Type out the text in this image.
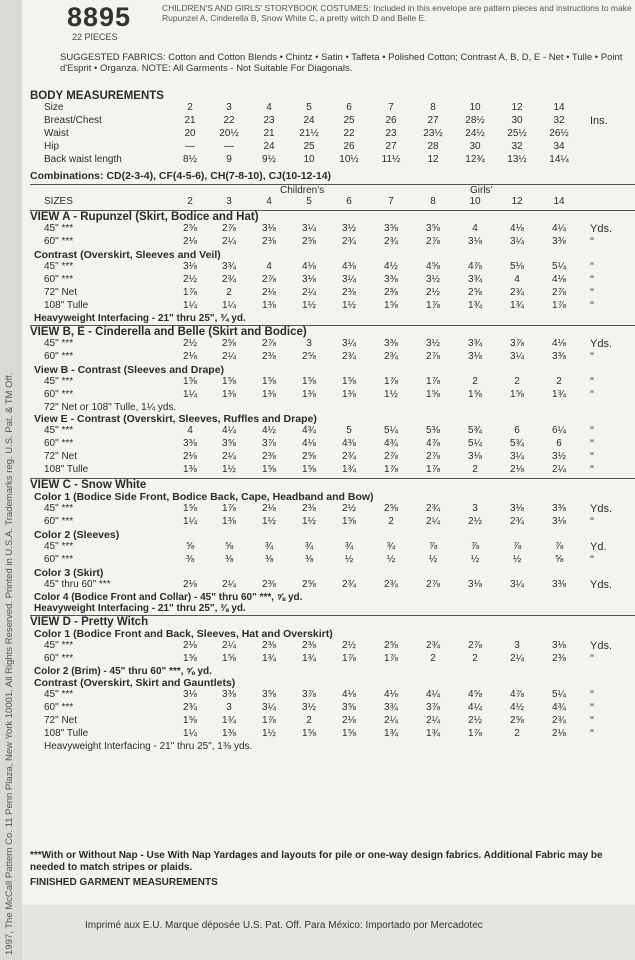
1997, The McCall Pattern Co. 11 Penn Plaza, New York 10001. All Rights Reserved. Printed in U.S.A. Trademarks reg. U.S. Pat. & TM Off.
8895
22 PIECES
CHILDREN'S AND GIRLS' STORYBOOK COSTUMES: Included in this envelope are pattern pieces and instructions to make Rupunzel A, Cinderella B, Snow White C, a pretty witch D and Belle E.
SUGGESTED FABRICS: Cotton and Cotton Blends • Chintz • Satin • Taffeta • Polished Cotton; Contrast A, B, D, E - Net • Tulle • Point d'Esprit • Organza. NOTE: All Garments - Not Suitable For Diagonals.
BODY MEASUREMENTS
Size	2	3	4	5	6	7	8	10	12	14
Breast/Chest	21	22	23	24	25	26	27	28½	30	32	Ins.
Waist	20	20½	21	21½	22	23	23½	24½	25½	26½
Hip	—	—	24	25	26	27	28	30	32	34
Back waist length	8½	9	9½	10	10½	11½	12	12¾	13½	14¼
Combinations: CD(2-3-4), CF(4-5-6), CH(7-8-10), CJ(10-12-14)
Children's	Girls'
SIZES	2	3	4	5	6	7	8	10	12	14
VIEW A - Rupunzel (Skirt, Bodice and Hat)
45" ***	2⅝	2⅞	3⅛	3¼	3½	3⅝	3⅝	4	4⅛	4¼	Yds.
60" ***	2⅛	2¼	2⅜	2⅝	2¾	2¾	2⅞	3⅛	3¼	3⅜	"
Contrast (Overskirt, Sleeves and Veil)
45" ***	3⅛	3¾	4	4⅛	4⅜	4½	4⅝	4⅞	5⅛	5¼	"
60" ***	2½	2¾	2⅞	3⅛	3¼	3⅜	3½	3¾	4	4⅛	"
72" Net	1⅞	2	2⅛	2¼	2⅜	2⅜	2½	2⅝	2¾	2⅞	"
108" Tulle	1¼	1¼	1⅜	1½	1½	1⅝	1⅞	1¾	1¾	1⅞	"
Heavyweight Interfacing - 21" thru 25", ¾ yd.
VIEW B, E - Cinderella and Belle (Skirt and Bodice)
45" ***	2½	2⅝	2⅞	3	3¼	3⅜	3½	3¾	3⅞	4⅛	Yds.
60" ***	2⅛	2¼	2⅜	2⅝	2¾	2¾	2⅞	3⅛	3¼	3⅜	"
View B - Contrast (Sleeves and Drape)
45" ***	1⅝	1⅝	1⅝	1⅝	1⅝	1⅞	1⅞	2	2	2	"
60" ***	1¼	1⅜	1⅜	1⅜	1⅜	1½	1⅝	1⅝	1⅝	1¾	"
72" Net or 108" Tulle, 1¼ yds.
View E - Contrast (Overskirt, Sleeves, Ruffles and Drape)
45" ***	4	4¼	4½	4¾	5	5¼	5⅜	5¾	6	6¼	"
60" ***	3⅜	3⅝	3⅞	4⅛	4⅜	4¾	4⅞	5¼	5¾	6	"
72" Net	2⅛	2¼	2⅜	2⅝	2¾	2⅞	2⅞	3⅛	3¼	3½	"
108" Tulle	1⅜	1½	1⅝	1⅝	1¾	1⅞	1⅞	2	2⅛	2¼	"
VIEW C - Snow White
Color 1 (Bodice Side Front, Bodice Back, Cape, Headband and Bow)
45" ***	1⅝	1⅞	2⅛	2⅜	2½	2⅝	2¾	3	3⅛	3⅜	Yds.
60" ***	1¼	1⅜	1½	1½	1⅝	2	2¼	2½	2¾	3⅛	"
Color 2 (Sleeves)
45" ***	⅝	⅝	¾	¾	¾	¾	⅞	⅞	⅞	⅞	Yd.
60" ***	⅜	⅜	⅜	⅜	½	½	½	½	½	⅝	"
Color 3 (Skirt)
45" thru 60" ***	2⅛	2¼	2⅜	2⅝	2¾	2¾	2⅞	3⅛	3¼	3⅜	Yds.
Color 4 (Bodice Front and Collar) - 45" thru 60" ***, ⅝ yd.
Heavyweight Interfacing - 21" thru 25", ⅜ yd.
VIEW D - Pretty Witch
Color 1 (Bodice Front and Back, Sleeves, Hat and Overskirt)
45" ***	2⅛	2¼	2⅜	2⅜	2½	2⅝	2¾	2⅞	3	3⅛	Yds.
60" ***	1⅝	1⅝	1¾	1¾	1⅞	1⅞	2	2	2¼	2⅜	"
Color 2 (Brim) - 45" thru 60" ***, ⅝ yd.
Contrast (Overskirt, Skirt and Gauntlets)
45" ***	3⅛	3⅜	3⅝	3⅞	4⅛	4⅛	4¼	4⅝	4⅞	5¼	"
60" ***	2¾	3	3¼	3½	3⅝	3¾	3⅞	4¼	4½	4¾	"
72" Net	1⅝	1¾	1⅞	2	2⅛	2¼	2¼	2½	2⅝	2¾	"
108" Tulle	1¼	1⅜	1½	1⅝	1⅝	1¾	1¾	1⅞	2	2⅛	"
Heavyweight Interfacing - 21" thru 25", 1⅜ yds.
***With or Without Nap - Use With Nap Yardages and layouts for pile or one-way design fabrics. Additional Fabric may be needed to match stripes or plaids.
FINISHED GARMENT MEASUREMENTS
Imprimé aux E.U. Marque déposée U.S. Pat. Off. Para México: Importado por Mercadotec
